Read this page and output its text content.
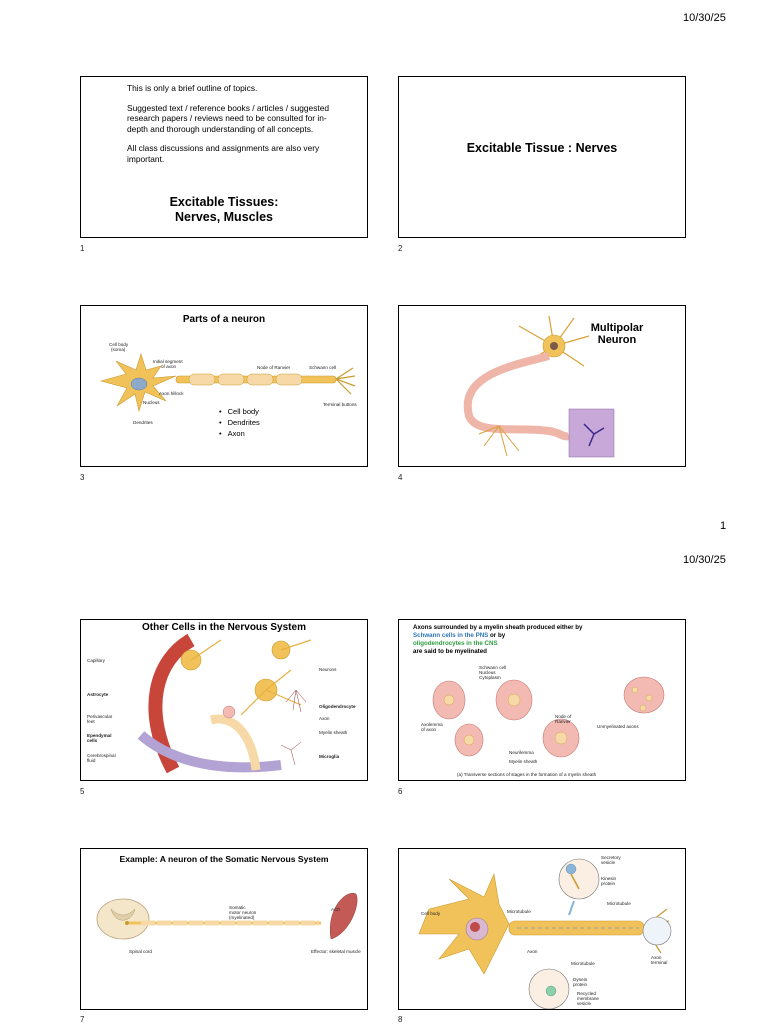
10/30/25

This is only a brief outline of topics.

Suggested text / reference books / articles / suggested research papers / reviews need to be consulted for in-depth and thorough understanding of all concepts.

All class discussions and assignments are also very important.

Excitable Tissues:
Nerves, Muscles
1
Excitable Tissue : Nerves
2
Parts of a neuron
Cell body
(soma)
Initial segment
of axon	Node of Ranvier	Schwann cell
Axon hillock
Nucleus
Dendrites
Terminal buttons
• Cell body
• Dendrites
• Axon
3
Multipolar
Neuron
4
1
10/30/25
Other Cells in the Nervous System
Capillary
Astrocyte
Perivascular
feet
Ependymal
cells
Cerebrospinal
fluid
Neurons
Oligodendrocyte
Axon
Myelin sheath
Microglia
5
Axons surrounded by a myelin sheath produced either by
Schwann cells in the PNS or by
oligodendrocytes in the CNS
are said to be myelinated
Schwann cell
Nucleus
Cytoplasm
Axolemma
of axon
Neurilemma
Myelin sheath
Node of
Ranvier
Unmyelinated axons
(a) Transverse sections of stages in the formation of a myelin sheath
6
Example: A neuron of the Somatic Nervous System
Somatic
motor neuron
(myelinated)
ACh
Spinal cord	Effector: skeletal muscle
7
Cell body	Microtubule
Microtubule
Microtubule
Secretory
vesicle
Kinesin
protein
Axon
Dynein
protein
Recycled
membrane
vesicle
Axon
terminal
8
